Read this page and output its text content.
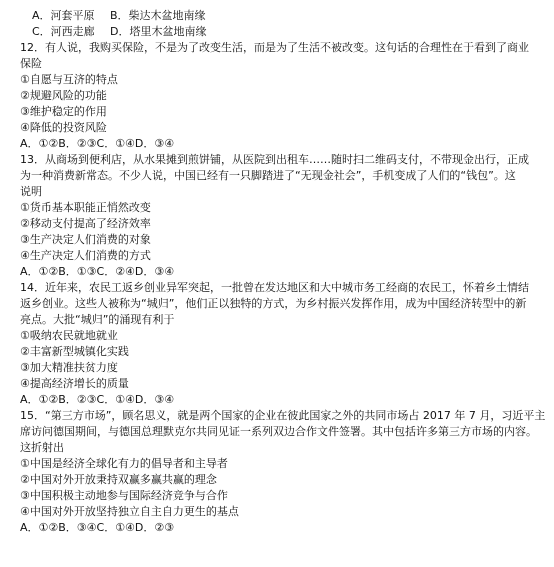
A．河套平原	B．柴达木盆地南缘
C．河西走廊	D．塔里木盆地南缘
12．有人说，我购买保险，不是为了改变生活，而是为了生活不被改变。这句话的合理性在于看到了商业
保险
①自愿与互济的特点
②规避风险的功能
③维护稳定的作用
④降低的投资风险
A．①②B．②③C．①④D．③④
13．从商场到便利店，从水果摊到煎饼铺，从医院到出租车……随时扫二维码支付，不带现金出行，正成
为一种消费新常态。不少人说，中国已经有一只脚踏进了“无现金社会”，手机变成了人们的“钱包”。这
说明
①货币基本职能正悄然改变
②移动支付提高了经济效率
③生产决定人们消费的对象
④生产决定人们消费的方式
A．①②B．①③C．②④D．③④
14．近年来，农民工返乡创业异军突起，一批曾在发达地区和大中城市务工经商的农民工，怀着乡土情结
返乡创业。这些人被称为“城归”，他们正以独特的方式，为乡村振兴发挥作用，成为中国经济转型中的新
亮点。大批“城归”的涌现有利于
①吸纳农民就地就业
②丰富新型城镇化实践
③加大精准扶贫力度
④提高经济增长的质量
A．①②B．②③C．①④D．③④
15．“第三方市场”，顾名思义，就是两个国家的企业在彼此国家之外的共同市场占 2017 年 7 月，习近平主
席访问德国期间，与德国总理默克尔共同见证一系列双边合作文件签署。其中包括许多第三方市场的内容。
这折射出
①中国是经济全球化有力的倡导者和主导者
②中国对外开放秉持双赢多赢共赢的理念
③中国积极主动地参与国际经济竞争与合作
④中国对外开放坚持独立自主自力更生的基点
A．①②B．③④C．①④D．②③
